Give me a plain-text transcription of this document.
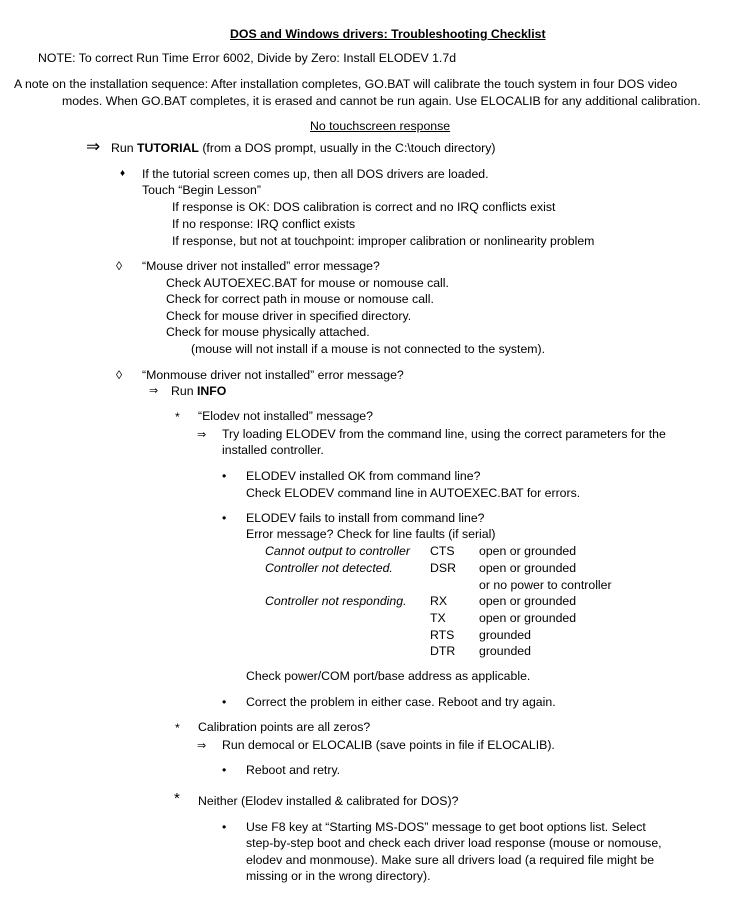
DOS and Windows drivers: Troubleshooting Checklist
NOTE: To correct Run Time Error 6002, Divide by Zero: Install ELODEV 1.7d
A note on the installation sequence: After installation completes, GO.BAT will calibrate the touch system in four DOS video
modes. When GO.BAT completes, it is erased and cannot be run again. Use ELOCALIB for any additional calibration.
No touchscreen response
⇒ Run TUTORIAL (from a DOS prompt, usually in the C:\touch directory)
♦ If the tutorial screen comes up, then all DOS drivers are loaded.
Touch “Begin Lesson”
If response is OK: DOS calibration is correct and no IRQ conflicts exist
If no response: IRQ conflict exists
If response, but not at touchpoint: improper calibration or nonlinearity problem
◊ “Mouse driver not installed” error message?
Check AUTOEXEC.BAT for mouse or nomouse call.
Check for correct path in mouse or nomouse call.
Check for mouse driver in specified directory.
Check for mouse physically attached.
(mouse will not install if a mouse is not connected to the system).
◊ “Monmouse driver not installed” error message?
⇒ Run INFO
* “Elodev not installed” message?
⇒ Try loading ELODEV from the command line, using the correct parameters for the
installed controller.
• ELODEV installed OK from command line?
Check ELODEV command line in AUTOEXEC.BAT for errors.
• ELODEV fails to install from command line?
Error message? Check for line faults (if serial)
Cannot output to controller CTS open or grounded
Controller not detected.	DSR open or grounded
or no power to controller
Controller not responding. RX	open or grounded
TX	open or grounded
RTS grounded
DTR grounded
Check power/COM port/base address as applicable.
• Correct the problem in either case. Reboot and try again.
* Calibration points are all zeros?
⇒ Run democal or ELOCALIB (save points in file if ELOCALIB).
• Reboot and retry.
* Neither (Elodev installed & calibrated for DOS)?
• Use F8 key at “Starting MS-DOS” message to get boot options list. Select
step-by-step boot and check each driver load response (mouse or nomouse,
elodev and monmouse). Make sure all drivers load (a required file might be
missing or in the wrong directory).
